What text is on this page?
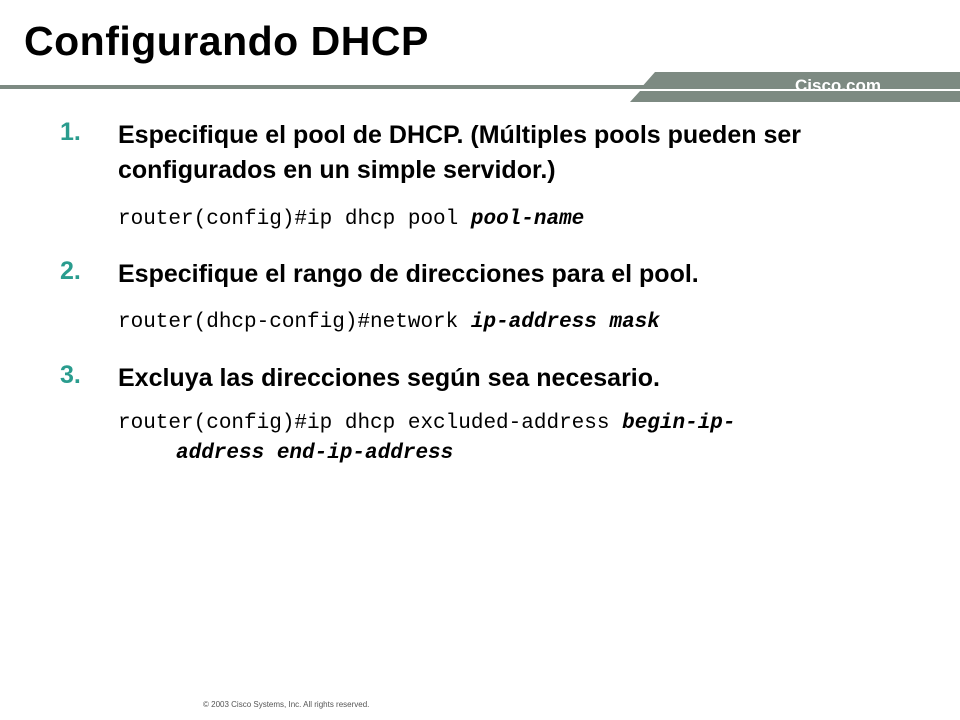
Configurando DHCP
Cisco.com
1. Especifique el pool de DHCP. (Múltiples pools pueden ser configurados en un simple servidor.)
router(config)#ip dhcp pool pool-name
2. Especifique el rango de direcciones para el pool.
router(dhcp-config)#network ip-address mask
3. Excluya las direcciones según sea necesario.
router(config)#ip dhcp excluded-address begin-ip-
address end-ip-address
© 2003 Cisco Systems, Inc. All rights reserved.
